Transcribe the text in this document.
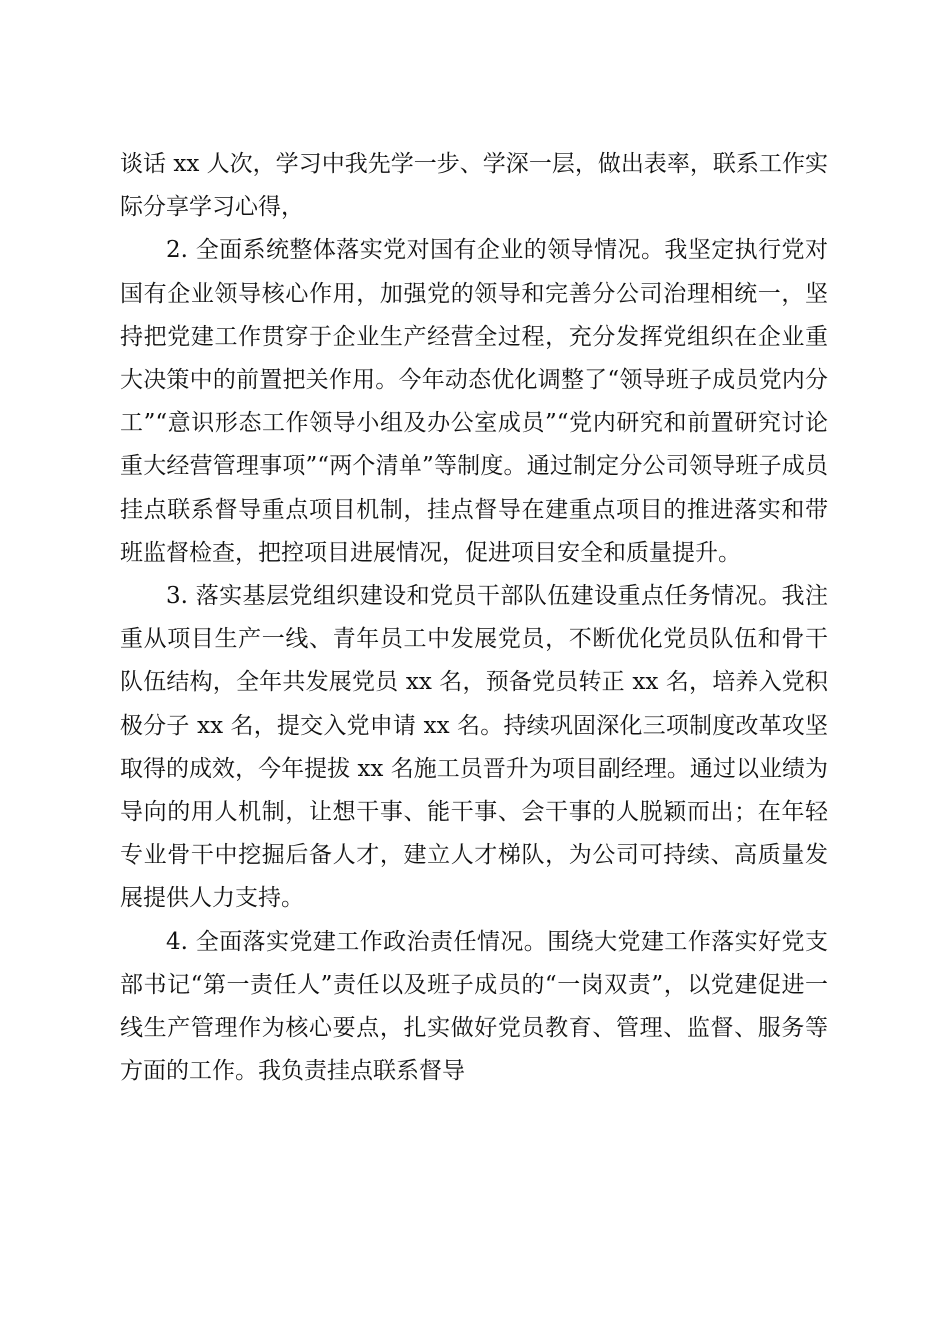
谈话 xx 人次，学习中我先学一步、学深一层，做出表率，联系工作实际分享学习心得，

2. 全面系统整体落实党对国有企业的领导情况。我坚定执行党对国有企业领导核心作用，加强党的领导和完善分公司治理相统一，坚持把党建工作贯穿于企业生产经营全过程，充分发挥党组织在企业重大决策中的前置把关作用。今年动态优化调整了“领导班子成员党内分工”“意识形态工作领导小组及办公室成员”“党内研究和前置研究讨论重大经营管理事项”“两个清单”等制度。通过制定分公司领导班子成员挂点联系督导重点项目机制，挂点督导在建重点项目的推进落实和带班监督检查，把控项目进展情况，促进项目安全和质量提升。

3. 落实基层党组织建设和党员干部队伍建设重点任务情况。我注重从项目生产一线、青年员工中发展党员，不断优化党员队伍和骨干队伍结构，全年共发展党员 xx 名，预备党员转正 xx 名，培养入党积极分子 xx 名，提交入党申请 xx 名。持续巩固深化三项制度改革攻坚取得的成效，今年提拔 xx 名施工员晋升为项目副经理。通过以业绩为导向的用人机制，让想干事、能干事、会干事的人脱颖而出；在年轻专业骨干中挖掘后备人才，建立人才梯队，为公司可持续、高质量发展提供人力支持。

4. 全面落实党建工作政治责任情况。围绕大党建工作落实好党支部书记“第一责任人”责任以及班子成员的“一岗双责”，以党建促进一线生产管理作为核心要点，扎实做好党员教育、管理、监督、服务等方面的工作。我负责挂点联系督导
